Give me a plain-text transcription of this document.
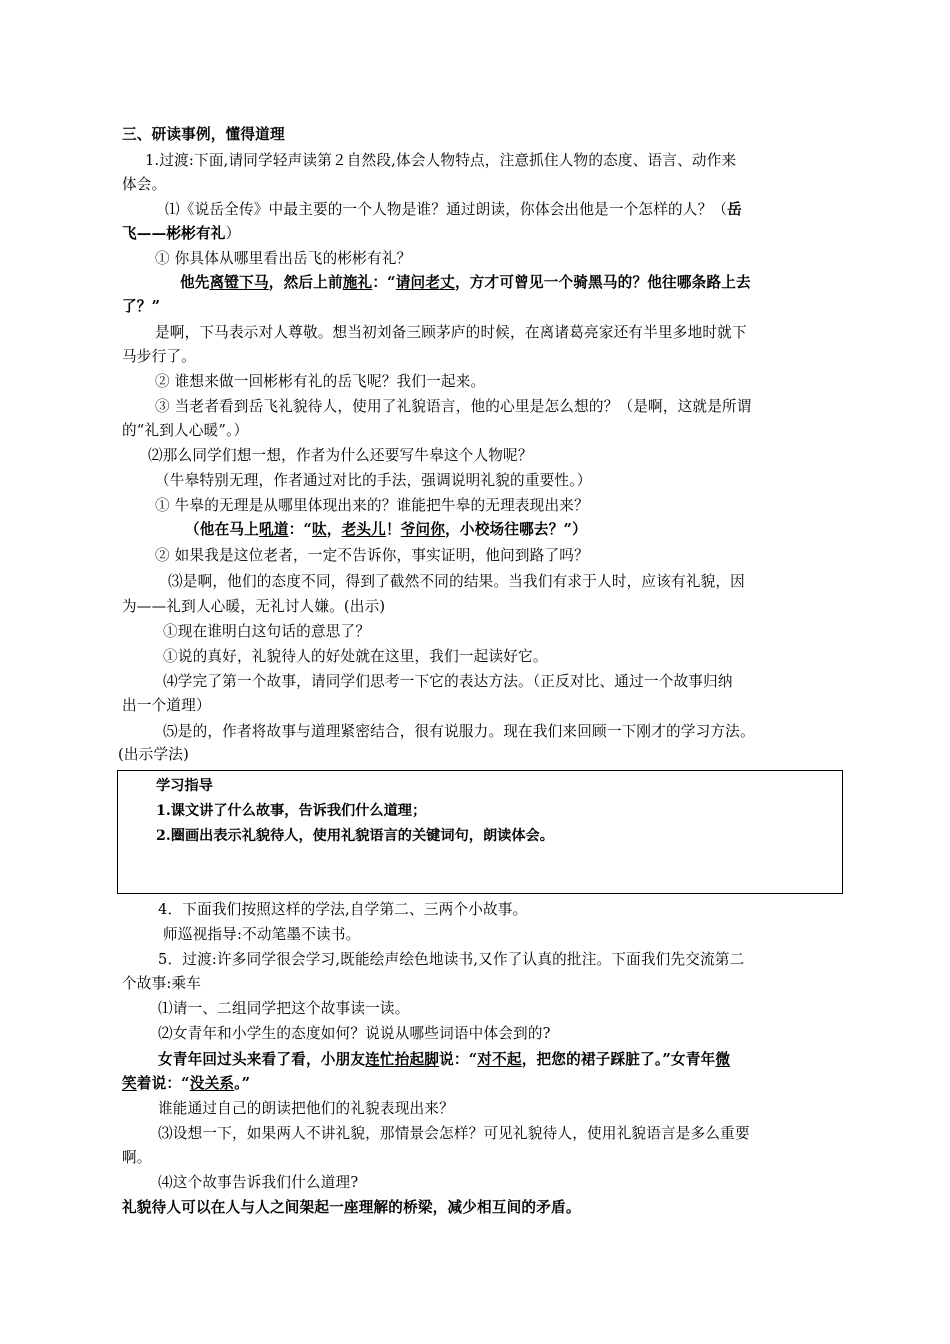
三、研读事例，懂得道理
1.过渡:下面,请同学轻声读第２自然段,体会人物特点，注意抓住人物的态度、语言、动作来
体会。
⑴《说岳全传》中最主要的一个人物是谁？通过朗读，你体会出他是一个怎样的人？（岳
飞——彬彬有礼）
① 你具体从哪里看出岳飞的彬彬有礼？
他先离镫下马，然后上前施礼：“请问老丈，方才可曾见一个骑黑马的？他往哪条路上去
了？”
是啊，下马表示对人尊敬。想当初刘备三顾茅庐的时候，在离诸葛亮家还有半里多地时就下
马步行了。
② 谁想来做一回彬彬有礼的岳飞呢？我们一起来。
③ 当老者看到岳飞礼貌待人，使用了礼貌语言，他的心里是怎么想的？（是啊，这就是所谓
的“礼到人心暖”。）
⑵那么同学们想一想，作者为什么还要写牛皋这个人物呢？
（牛皋特别无理，作者通过对比的手法，强调说明礼貌的重要性。）
① 牛皋的无理是从哪里体现出来的？谁能把牛皋的无理表现出来？
（他在马上吼道：“呔，老头儿！爷问你，小校场往哪去？”）
② 如果我是这位老者，一定不告诉你，事实证明，他问到路了吗？
⑶是啊，他们的态度不同，得到了截然不同的结果。当我们有求于人时，应该有礼貌，因
为——礼到人心暖，无礼讨人嫌。(出示)
①现在谁明白这句话的意思了？
①说的真好，礼貌待人的好处就在这里，我们一起读好它。
⑷学完了第一个故事，请同学们思考一下它的表达方法。（正反对比、通过一个故事归纳
出一个道理）
⑸是的，作者将故事与道理紧密结合，很有说服力。现在我们来回顾一下刚才的学习方法。
(出示学法)
学习指导
1.课文讲了什么故事，告诉我们什么道理；
2.圈画出表示礼貌待人，使用礼貌语言的关键词句，朗读体会。
4．下面我们按照这样的学法,自学第二、三两个小故事。
师巡视指导:不动笔墨不读书。
5．过渡:许多同学很会学习,既能绘声绘色地读书,又作了认真的批注。下面我们先交流第二
个故事:乘车
⑴请一、二组同学把这个故事读一读。
⑵女青年和小学生的态度如何？说说从哪些词语中体会到的?
女青年回过头来看了看，小朋友连忙抬起脚说：“对不起，把您的裙子踩脏了。”女青年微
笑着说：“没关系。”
谁能通过自己的朗读把他们的礼貌表现出来？
⑶设想一下，如果两人不讲礼貌，那情景会怎样？可见礼貌待人，使用礼貌语言是多么重要
啊。
⑷这个故事告诉我们什么道理?
礼貌待人可以在人与人之间架起一座理解的桥梁，减少相互间的矛盾。
